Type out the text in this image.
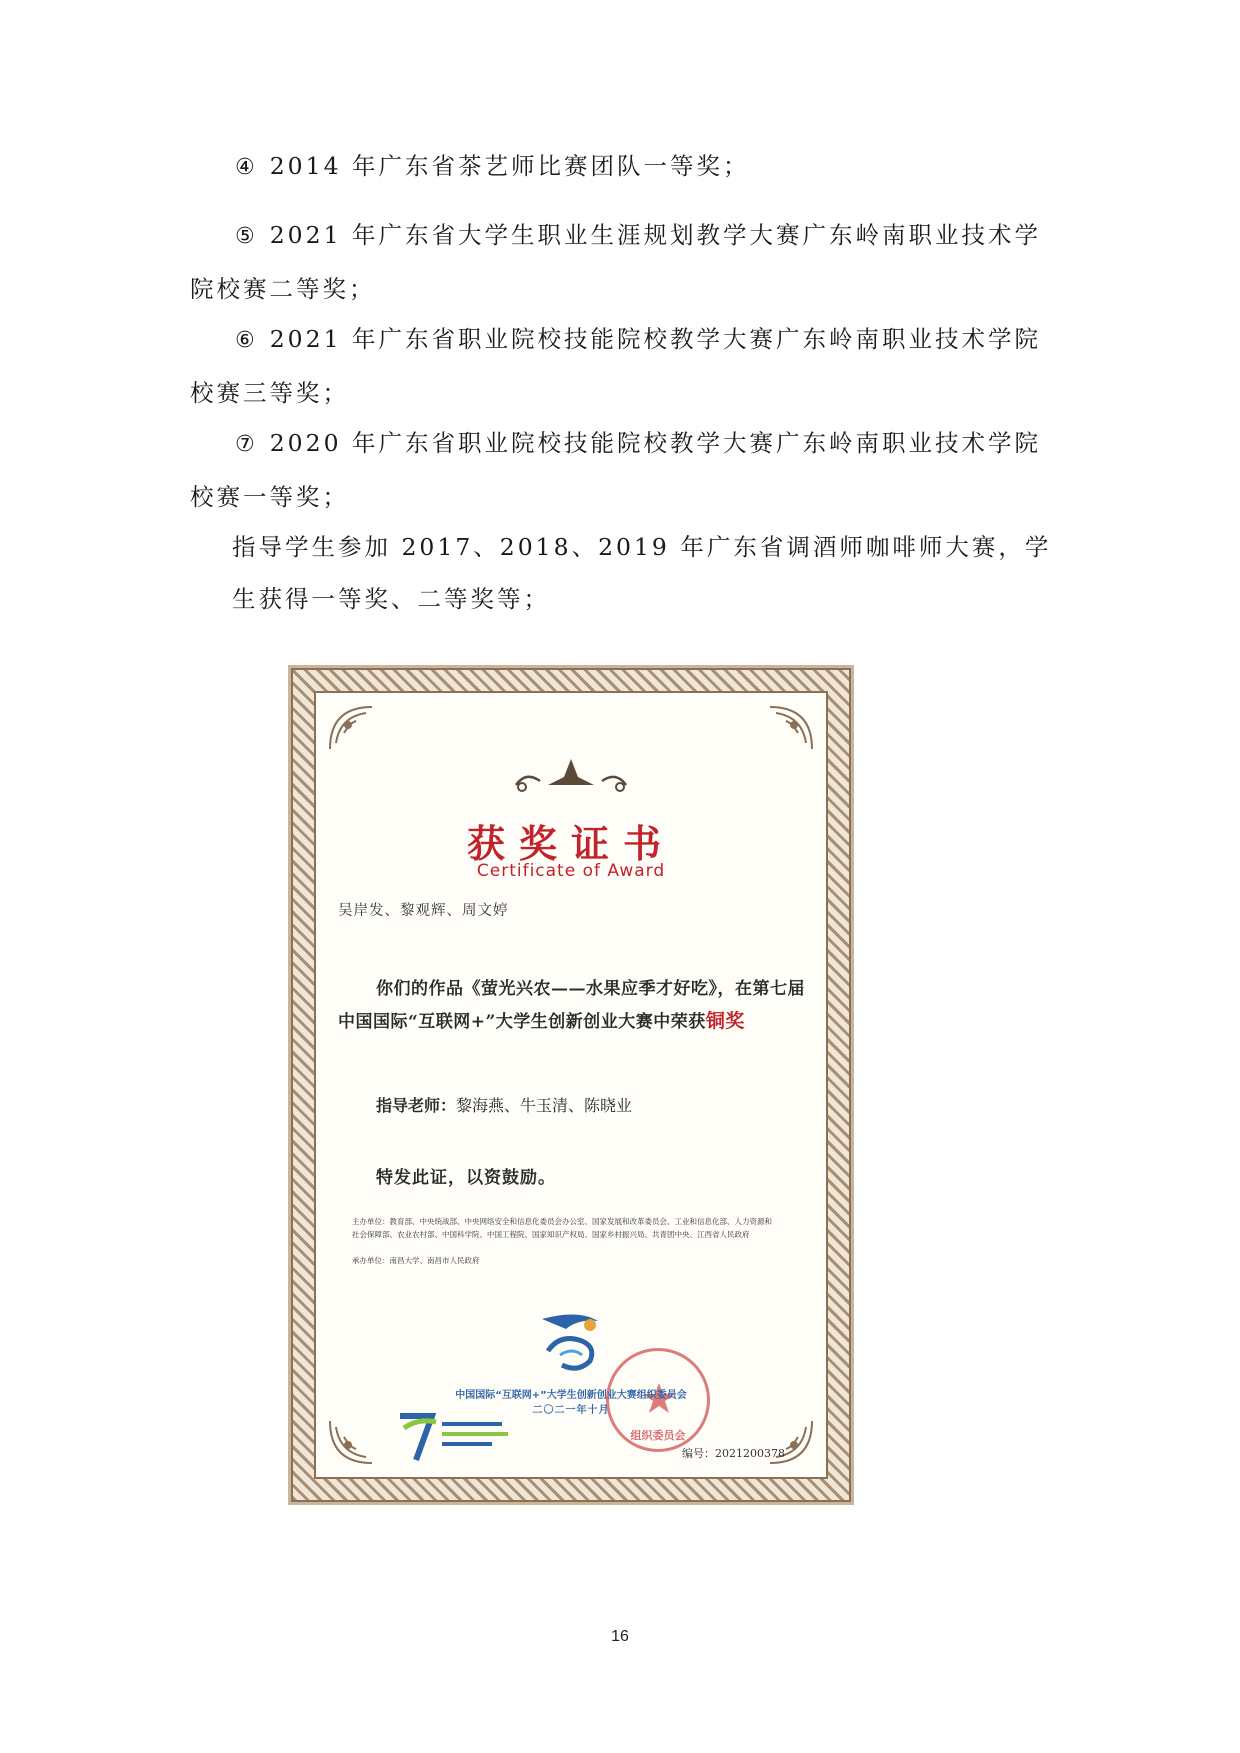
④ 2014 年广东省茶艺师比赛团队一等奖；

⑤ 2021 年广东省大学生职业生涯规划教学大赛广东岭南职业技术学院校赛二等奖；

⑥ 2021 年广东省职业院校技能院校教学大赛广东岭南职业技术学院校赛三等奖；

⑦ 2020 年广东省职业院校技能院校教学大赛广东岭南职业技术学院校赛一等奖；

指导学生参加 2017、2018、2019 年广东省调酒师咖啡师大赛，学生获得一等奖、二等奖等；

获奖证书
Certificate of Award
吴岸发、黎观辉、周文婷
你们的作品《萤光兴农——水果应季才好吃》，在第七届中国国际“互联网+”大学生创新创业大赛中荣获铜奖
指导老师：黎海燕、牛玉清、陈晓业
特发此证，以资鼓励。
主办单位：教育部、中央统战部、中央网络安全和信息化委员会办公室、国家发展和改革委员会、工业和信息化部、人力资源和社会保障部、农业农村部、中国科学院、中国工程院、国家知识产权局、国家乡村振兴局、共青团中央、江西省人民政府
承办单位：南昌大学、南昌市人民政府
组织委员会
中国国际“互联网+”大学生创新创业大赛组织委员会
二〇二一年十月
编号：2021200378
16
